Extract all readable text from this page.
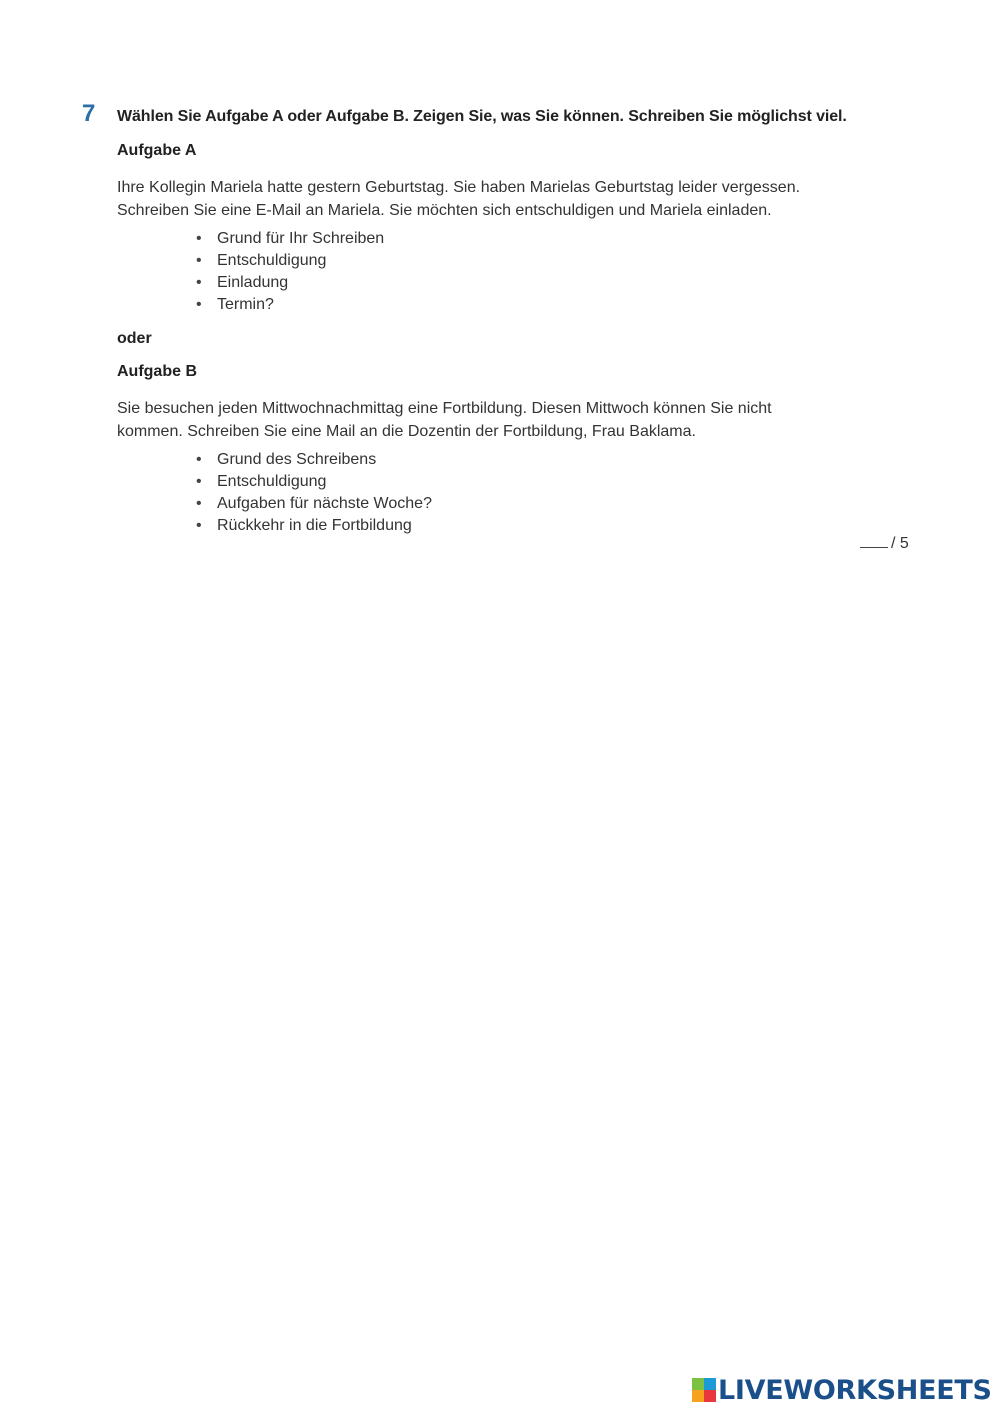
7 Wählen Sie Aufgabe A oder Aufgabe B. Zeigen Sie, was Sie können. Schreiben Sie möglichst viel.
Aufgabe A

Ihre Kollegin Mariela hatte gestern Geburtstag. Sie haben Marielas Geburtstag leider vergessen.

Schreiben Sie eine E-Mail an Mariela. Sie möchten sich entschuldigen und Mariela einladen.

• Grund für Ihr Schreiben
• Entschuldigung
• Einladung
• Termin?
oder
Aufgabe B

Sie besuchen jeden Mittwochnachmittag eine Fortbildung. Diesen Mittwoch können Sie nicht

kommen. Schreiben Sie eine Mail an die Dozentin der Fortbildung, Frau Baklama.

• Grund des Schreibens
• Entschuldigung
• Aufgaben für nächste Woche?
• Rückkehr in die Fortbildung
/ 5
LIVEWORKSHEETS
